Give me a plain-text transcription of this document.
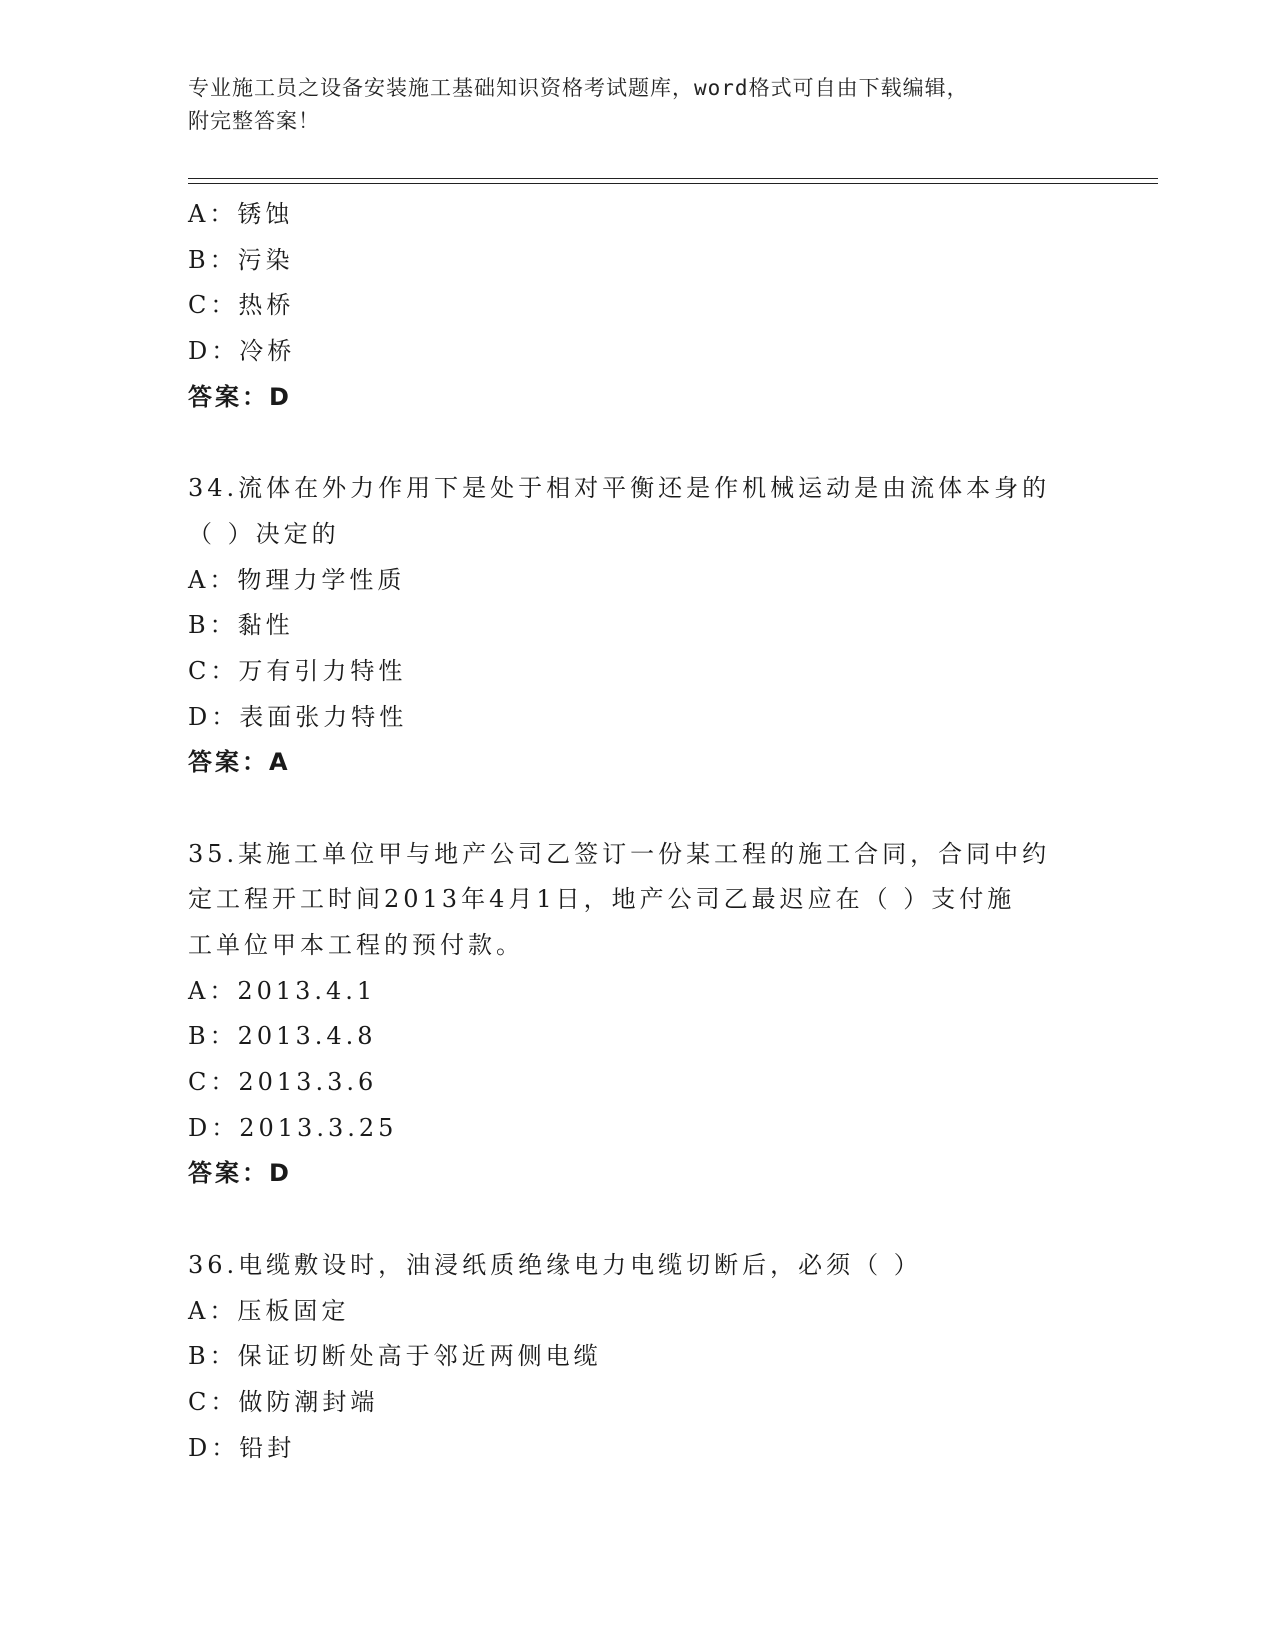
专业施工员之设备安装施工基础知识资格考试题库，word格式可自由下载编辑，
附完整答案！
A：锈蚀
B：污染
C：热桥
D：冷桥
答案：D
34.流体在外力作用下是处于相对平衡还是作机械运动是由流体本身的
（ ）决定的
A：物理力学性质
B：黏性
C：万有引力特性
D：表面张力特性
答案：A
35.某施工单位甲与地产公司乙签订一份某工程的施工合同，合同中约
定工程开工时间2013年4月1日，地产公司乙最迟应在（ ）支付施
工单位甲本工程的预付款。
A：2013.4.1
B：2013.4.8
C：2013.3.6
D：2013.3.25
答案：D
36.电缆敷设时，油浸纸质绝缘电力电缆切断后，必须（ ）
A：压板固定
B：保证切断处高于邻近两侧电缆
C：做防潮封端
D：铅封
